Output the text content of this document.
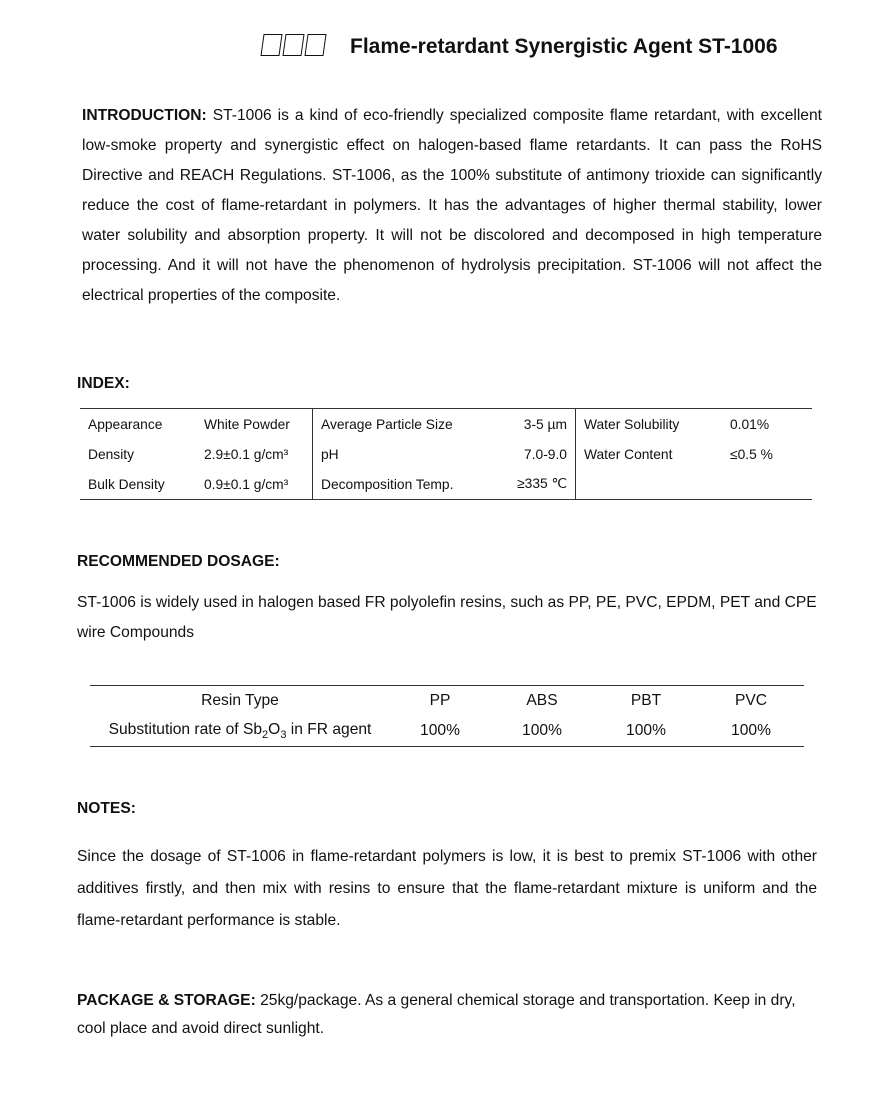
Flame-retardant Synergistic Agent ST-1006
INTRODUCTION: ST-1006 is a kind of eco-friendly specialized composite flame retardant, with excellent low-smoke property and synergistic effect on halogen-based flame retardants. It can pass the RoHS Directive and REACH Regulations. ST-1006, as the 100% substitute of antimony trioxide can significantly reduce the cost of flame-retardant in polymers. It has the advantages of higher thermal stability, lower water solubility and absorption property. It will not be discolored and decomposed in high temperature processing. And it will not have the phenomenon of hydrolysis precipitation. ST-1006 will not affect the electrical properties of the composite.
INDEX:
Appearance	White Powder	Average Particle Size	3-5 µm	Water Solubility	0.01%
Density	2.9±0.1 g/cm³	pH	7.0-9.0	Water Content	≤0.5 %
Bulk Density	0.9±0.1 g/cm³	Decomposition Temp.	≥335 ℃		
RECOMMENDED DOSAGE:
ST-1006 is widely used in halogen based FR polyolefin resins, such as PP, PE, PVC, EPDM, PET and CPE wire Compounds
Resin Type	PP	ABS	PBT	PVC
Substitution rate of $Sb_2O_3$ in FR agent	100%	100%	100%	100%
NOTES:
Since the dosage of ST-1006 in flame-retardant polymers is low, it is best to premix ST-1006 with other additives firstly, and then mix with resins to ensure that the flame-retardant mixture is uniform and the flame-retardant performance is stable.
PACKAGE & STORAGE: 25kg/package. As a general chemical storage and transportation. Keep in dry, cool place and avoid direct sunlight.
